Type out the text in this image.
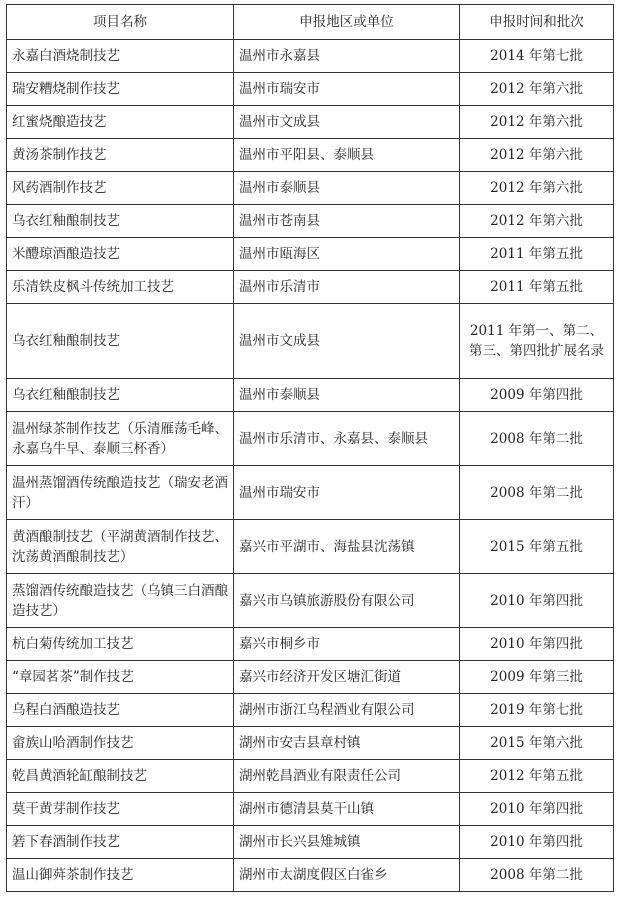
项目名称	申报地区或单位	申报时间和批次
永嘉白酒烧制技艺	温州市永嘉县	2014 年第七批
瑞安糟烧制作技艺	温州市瑞安市	2012 年第六批
红蜜烧酿造技艺	温州市文成县	2012 年第六批
黄汤茶制作技艺	温州市平阳县、泰顺县	2012 年第六批
风药酒制作技艺	温州市泰顺县	2012 年第六批
乌衣红釉酿制技艺	温州市苍南县	2012 年第六批
米醴琼酒酿造技艺	温州市瓯海区	2011 年第五批
乐清铁皮枫斗传统加工技艺	温州市乐清市	2011 年第五批
乌衣红釉酿制技艺	温州市文成县	2011 年第一、第二、第三、第四批扩展名录
乌衣红釉酿制技艺	温州市泰顺县	2009 年第四批
温州绿茶制作技艺（乐清雁荡毛峰、永嘉乌牛早、泰顺三杯香）	温州市乐清市、永嘉县、泰顺县	2008 年第二批
温州蒸馏酒传统酿造技艺（瑞安老酒汗）	温州市瑞安市	2008 年第二批
黄酒酿制技艺（平湖黄酒制作技艺、沈荡黄酒酿制技艺）	嘉兴市平湖市、海盐县沈荡镇	2015 年第五批
蒸馏酒传统酿造技艺（乌镇三白酒酿造技艺）	嘉兴市乌镇旅游股份有限公司	2010 年第四批
杭白菊传统加工技艺	嘉兴市桐乡市	2010 年第四批
“章园茗茶”制作技艺	嘉兴市经济开发区塘汇街道	2009 年第三批
乌程白酒酿造技艺	湖州市浙江乌程酒业有限公司	2019 年第七批
畲族山哈酒制作技艺	湖州市安吉县章村镇	2015 年第六批
乾昌黄酒轮缸酿制技艺	湖州乾昌酒业有限责任公司	2012 年第五批
莫干黄芽制作技艺	湖州市德清县莫干山镇	2010 年第四批
箬下春酒制作技艺	湖州市长兴县雉城镇	2010 年第四批
温山御荈茶制作技艺	湖州市太湖度假区白雀乡	2008 年第二批
